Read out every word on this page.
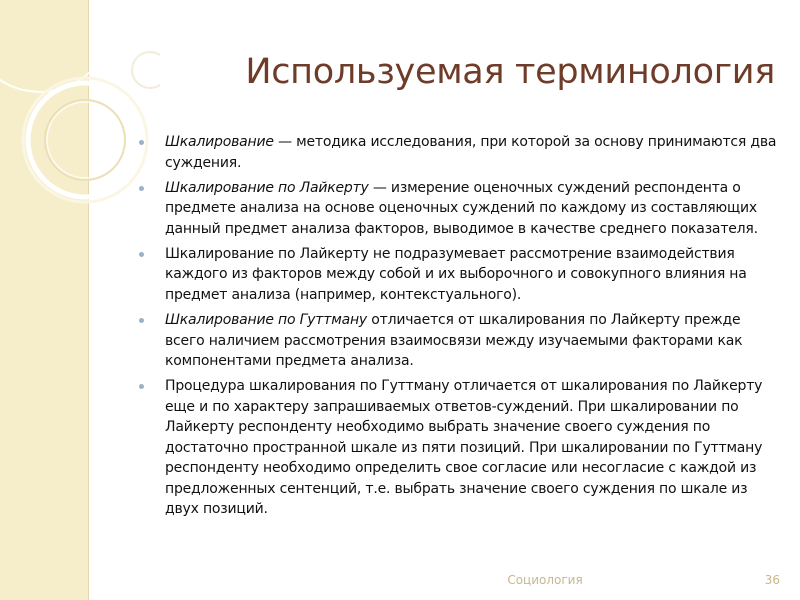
Используемая терминология
Шкалирование — методика исследования, при которой за основу принимаются два суждения.
Шкалирование по Лайкерту — измерение оценочных суждений респондента о предмете анализа на основе оценочных суждений по каждому из составляющих данный предмет анализа факторов, выводимое в качестве среднего показателя.
Шкалирование по Лайкерту не подразумевает рассмотрение взаимодействия каждого из факторов между собой и их выборочного и совокупного влияния на предмет анализа (например, контекстуального).
Шкалирование по Гуттману отличается от шкалирования по Лайкерту прежде всего наличием рассмотрения взаимосвязи между изучаемыми факторами как компонентами предмета анализа.
Процедура шкалирования по Гуттману отличается от шкалирования по Лайкерту еще и по характеру запрашиваемых ответов-суждений. При шкалировании по Лайкерту респонденту необходимо выбрать значение своего суждения по достаточно пространной шкале из пяти позиций. При шкалировании по Гуттману респонденту необходимо определить свое согласие или несогласие с каждой из предложенных сентенций, т.е. выбрать значение своего суждения по шкале из двух позиций.
Социология	36
